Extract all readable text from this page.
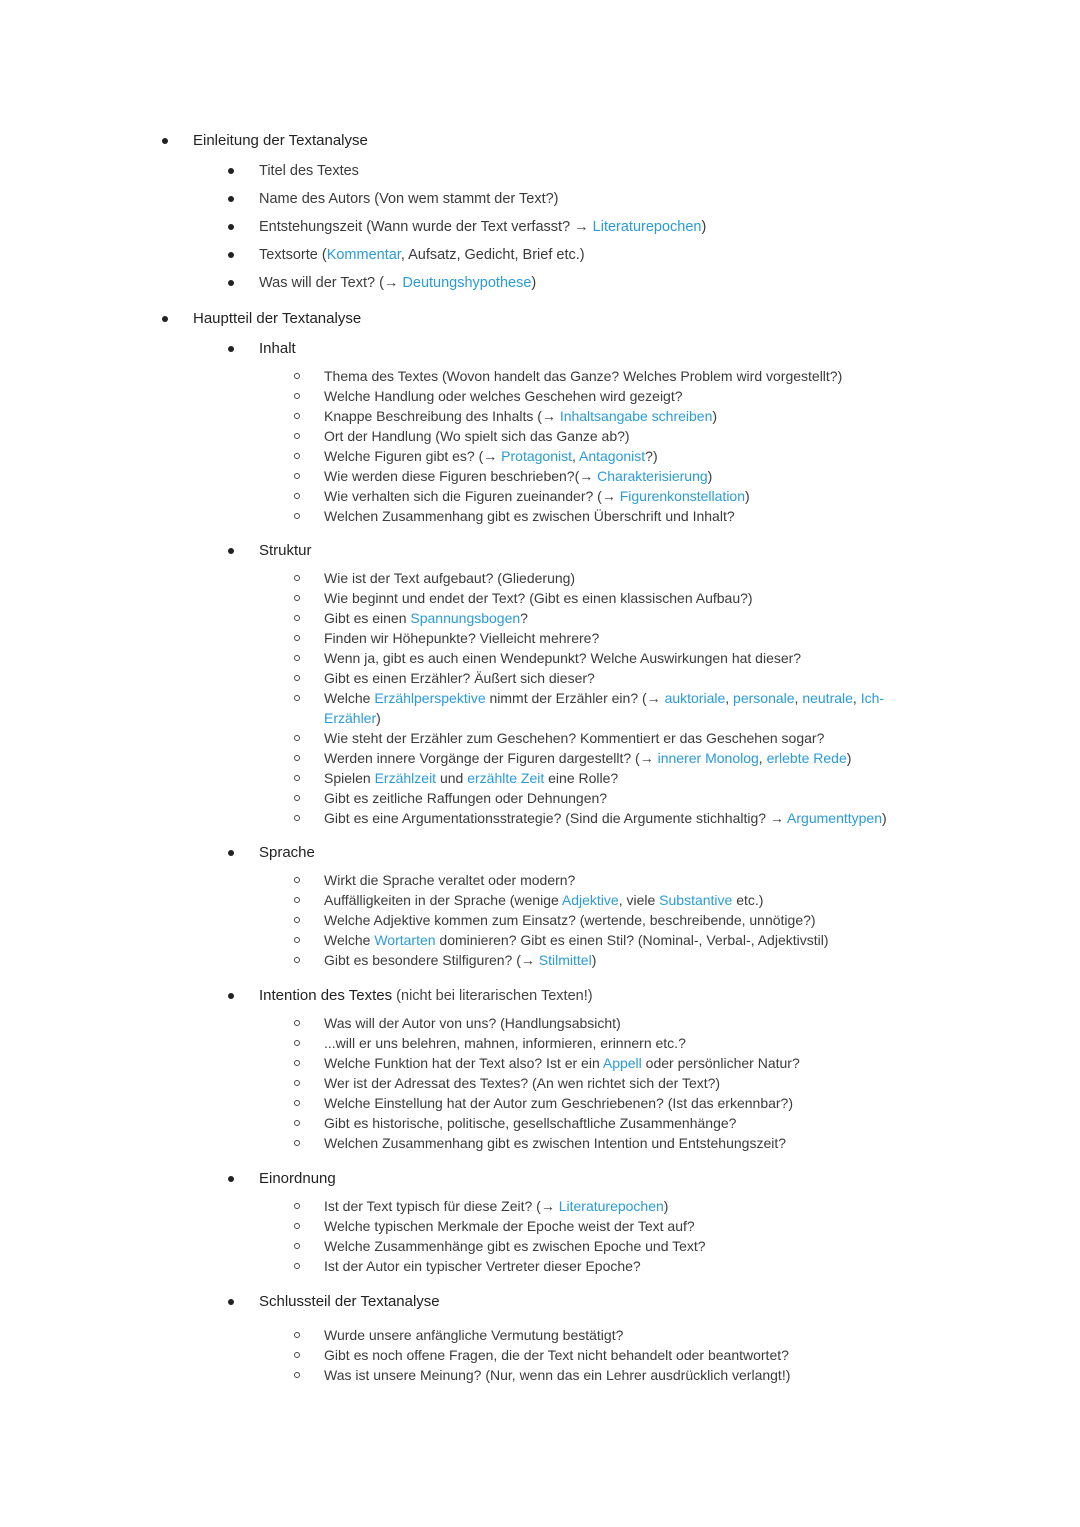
Einleitung der Textanalyse
Titel des Textes
Name des Autors (Von wem stammt der Text?)
Entstehungszeit (Wann wurde der Text verfasst? → Literaturepochen)
Textsorte (Kommentar, Aufsatz, Gedicht, Brief etc.)
Was will der Text? (→ Deutungshypothese)
Hauptteil der Textanalyse
Inhalt
Thema des Textes (Wovon handelt das Ganze? Welches Problem wird vorgestellt?)
Welche Handlung oder welches Geschehen wird gezeigt?
Knappe Beschreibung des Inhalts (→ Inhaltsangabe schreiben)
Ort der Handlung (Wo spielt sich das Ganze ab?)
Welche Figuren gibt es? (→ Protagonist, Antagonist?)
Wie werden diese Figuren beschrieben?(→ Charakterisierung)
Wie verhalten sich die Figuren zueinander? (→ Figurenkonstellation)
Welchen Zusammenhang gibt es zwischen Überschrift und Inhalt?
Struktur
Wie ist der Text aufgebaut? (Gliederung)
Wie beginnt und endet der Text? (Gibt es einen klassischen Aufbau?)
Gibt es einen Spannungsbogen?
Finden wir Höhepunkte? Vielleicht mehrere?
Wenn ja, gibt es auch einen Wendepunkt? Welche Auswirkungen hat dieser?
Gibt es einen Erzähler? Äußert sich dieser?
Welche Erzählperspektive nimmt der Erzähler ein? (→ auktoriale, personale, neutrale, Ich-
Erzähler)
Wie steht der Erzähler zum Geschehen? Kommentiert er das Geschehen sogar?
Werden innere Vorgänge der Figuren dargestellt? (→ innerer Monolog, erlebte Rede)
Spielen Erzählzeit und erzählte Zeit eine Rolle?
Gibt es zeitliche Raffungen oder Dehnungen?
Gibt es eine Argumentationsstrategie? (Sind die Argumente stichhaltig? → Argumenttypen)
Sprache
Wirkt die Sprache veraltet oder modern?
Auffälligkeiten in der Sprache (wenige Adjektive, viele Substantive etc.)
Welche Adjektive kommen zum Einsatz? (wertende, beschreibende, unnötige?)
Welche Wortarten dominieren? Gibt es einen Stil? (Nominal-, Verbal-, Adjektivstil)
Gibt es besondere Stilfiguren? (→ Stilmittel)
Intention des Textes (nicht bei literarischen Texten!)
Was will der Autor von uns? (Handlungsabsicht)
...will er uns belehren, mahnen, informieren, erinnern etc.?
Welche Funktion hat der Text also? Ist er ein Appell oder persönlicher Natur?
Wer ist der Adressat des Textes? (An wen richtet sich der Text?)
Welche Einstellung hat der Autor zum Geschriebenen? (Ist das erkennbar?)
Gibt es historische, politische, gesellschaftliche Zusammenhänge?
Welchen Zusammenhang gibt es zwischen Intention und Entstehungszeit?
Einordnung
Ist der Text typisch für diese Zeit? (→ Literaturepochen)
Welche typischen Merkmale der Epoche weist der Text auf?
Welche Zusammenhänge gibt es zwischen Epoche und Text?
Ist der Autor ein typischer Vertreter dieser Epoche?
Schlussteil der Textanalyse
Wurde unsere anfängliche Vermutung bestätigt?
Gibt es noch offene Fragen, die der Text nicht behandelt oder beantwortet?
Was ist unsere Meinung? (Nur, wenn das ein Lehrer ausdrücklich verlangt!)
